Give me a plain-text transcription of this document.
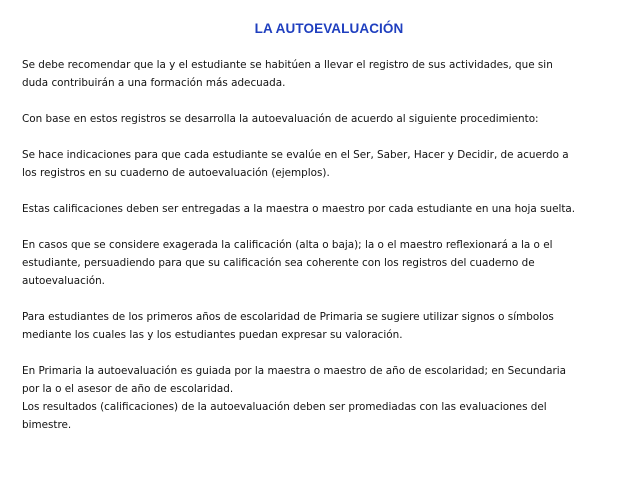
LA AUTOEVALUACIÓN

Se debe recomendar que la y el estudiante se habitúen a llevar el registro de sus actividades, que sin
duda contribuirán a una formación más adecuada.

Con base en estos registros se desarrolla la autoevaluación de acuerdo al siguiente procedimiento:

Se hace indicaciones para que cada estudiante se evalúe en el Ser, Saber, Hacer y Decidir, de acuerdo a
los registros en su cuaderno de autoevaluación (ejemplos).

Estas calificaciones deben ser entregadas a la maestra o maestro por cada estudiante en una hoja suelta.

En casos que se considere exagerada la calificación (alta o baja); la o el maestro reflexionará a la o el
estudiante, persuadiendo para que su calificación sea coherente con los registros del cuaderno de
autoevaluación.

Para estudiantes de los primeros años de escolaridad de Primaria se sugiere utilizar signos o símbolos
mediante los cuales las y los estudiantes puedan expresar su valoración.

En Primaria la autoevaluación es guiada por la maestra o maestro de año de escolaridad; en Secundaria
por la o el asesor de año de escolaridad.
Los resultados (calificaciones) de la autoevaluación deben ser promediadas con las evaluaciones del
bimestre.
